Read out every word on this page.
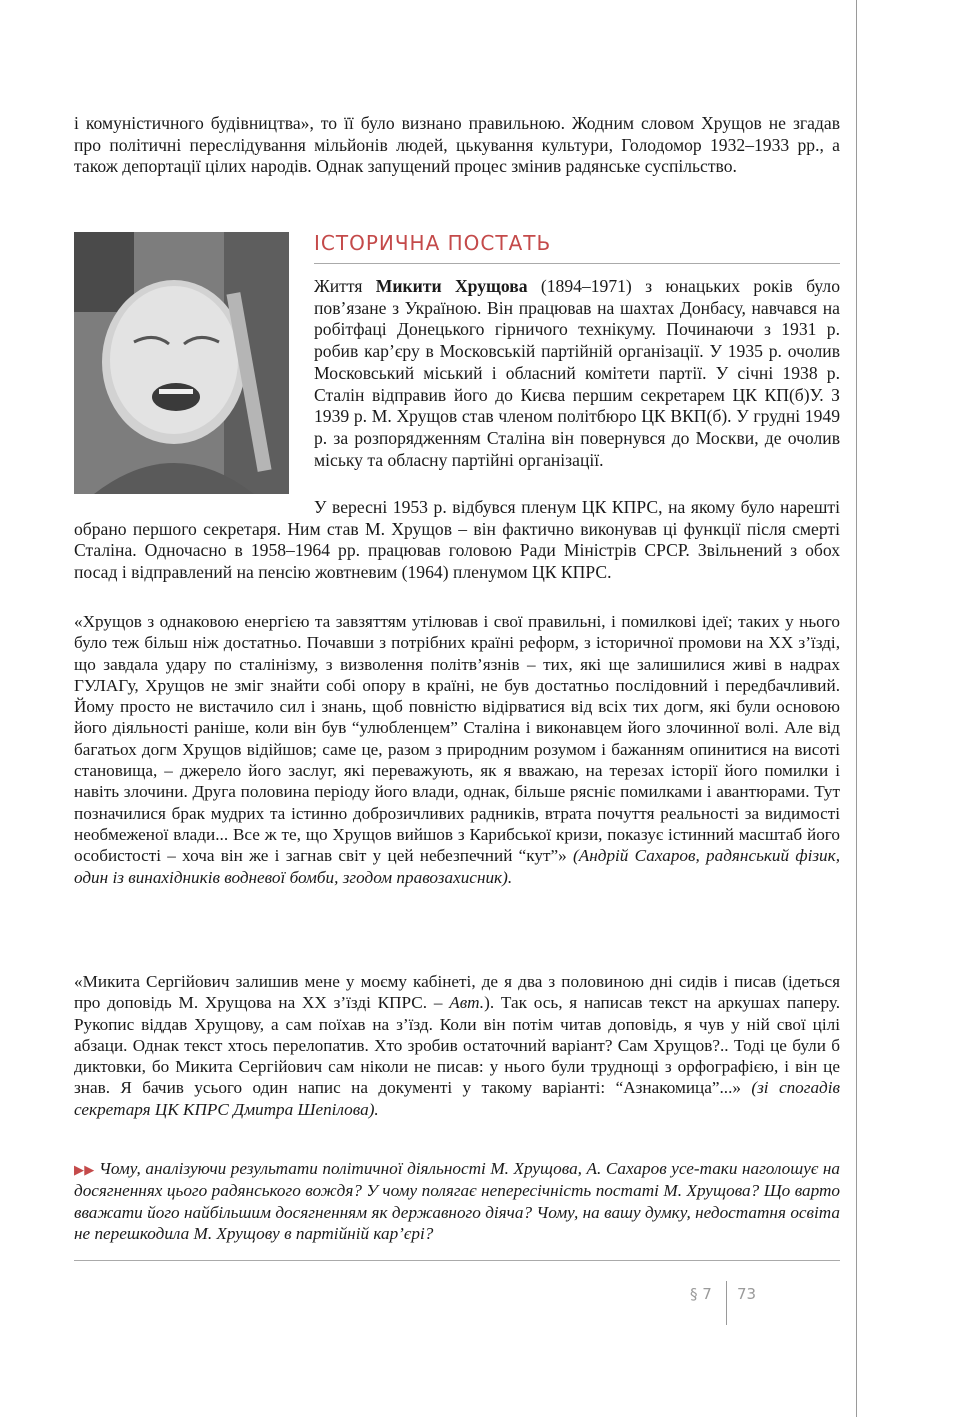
і комуністичного будівництва», то її було визнано правильною. Жодним словом Хрущов не згадав про політичні переслідування мільйонів людей, цькування культури, Голодомор 1932–1933 рр., а також депортації цілих народів. Однак запущений процес змінив радянське суспільство.

ІСТОРИЧНА ПОСТАТЬ

Життя Микити Хрущова (1894–1971) з юнацьких років було пов’язане з Україною. Він працював на шахтах Донбасу, навчався на робітфаці Донецького гірничого технікуму. Починаючи з 1931 р. робив кар’єру в Московській партійній організації. У 1935 р. очолив Московський міський і обласний комітети партії. У січні 1938 р. Сталін відправив його до Києва першим секретарем ЦК КП(б)У. З 1939 р. М. Хрущов став членом політбюро ЦК ВКП(б). У грудні 1949 р. за розпорядженням Сталіна він повернувся до Москви, де очолив міську та обласну партійні організації.

У вересні 1953 р. відбувся пленум ЦК КПРС, на якому було нарешті обрано першого секретаря. Ним став М. Хрущов – він фактично виконував ці функції після смерті Сталіна. Одночасно в 1958–1964 рр. працював головою Ради Міністрів СРСР. Звільнений з обох посад і відправлений на пенсію жовтневим (1964) пленумом ЦК КПРС.

«Хрущов з однаковою енергією та завзяттям утілював і свої правильні, і помилкові ідеї; таких у нього було теж більш ніж достатньо. Почавши з потрібних країні реформ, з історичної промови на XX з’їзді, що завдала удару по сталінізму, з визволення політв’язнів – тих, які ще залишилися живі в надрах ГУЛАГу, Хрущов не зміг знайти собі опору в країні, не був достатньо послідовний і передбачливий. Йому просто не вистачило сил і знань, щоб повністю відірватися від всіх тих догм, які були основою його діяльності раніше, коли він був “улюбленцем” Сталіна і виконавцем його злочинної волі. Але від багатьох догм Хрущов відійшов; саме це, разом з природним розумом і бажанням опинитися на висоті становища, – джерело його заслуг, які переважують, як я вважаю, на терезах історії його помилки і навіть злочини. Друга половина періоду його влади, однак, більше рясніє помилками і авантюрами. Тут позначилися брак мудрих та істинно доброзичливих радників, втрата почуття реальності за видимості необмеженої влади... Все ж те, що Хрущов вийшов з Карибської кризи, показує істинний масштаб його особистості – хоча він же і загнав світ у цей небезпечний “кут”» (Андрій Сахаров, радянський фізик, один із винахідників водневої бомби, згодом правозахисник).

«Микита Сергійович залишив мене у моєму кабінеті, де я два з половиною дні сидів і писав (ідеться про доповідь М. Хрущова на XX з’їзді КПРС. – Авт.). Так ось, я написав текст на аркушах паперу. Рукопис віддав Хрущову, а сам поїхав на з’їзд. Коли він потім читав доповідь, я чув у ній свої цілі абзаци. Однак текст хтось перелопатив. Хто зробив остаточний варіант? Сам Хрущов?.. Тоді це були б диктовки, бо Микита Сергійович сам ніколи не писав: у нього були труднощі з орфографією, і він це знав. Я бачив усього один напис на документі у такому варіанті: “Азнакомица”...» (зі спогадів секретаря ЦК КПРС Дмитра Шепілова).

▶▶ Чому, аналізуючи результати політичної діяльності М. Хрущова, А. Сахаров усе-таки наголошує на досягненнях цього радянського вождя? У чому полягає непересічність постаті М. Хрущова? Що варто вважати його найбільшим досягненням як державного діяча? Чому, на вашу думку, недостатня освіта не перешкодила М. Хрущову в партійній кар’єрі?

§ 7 73
